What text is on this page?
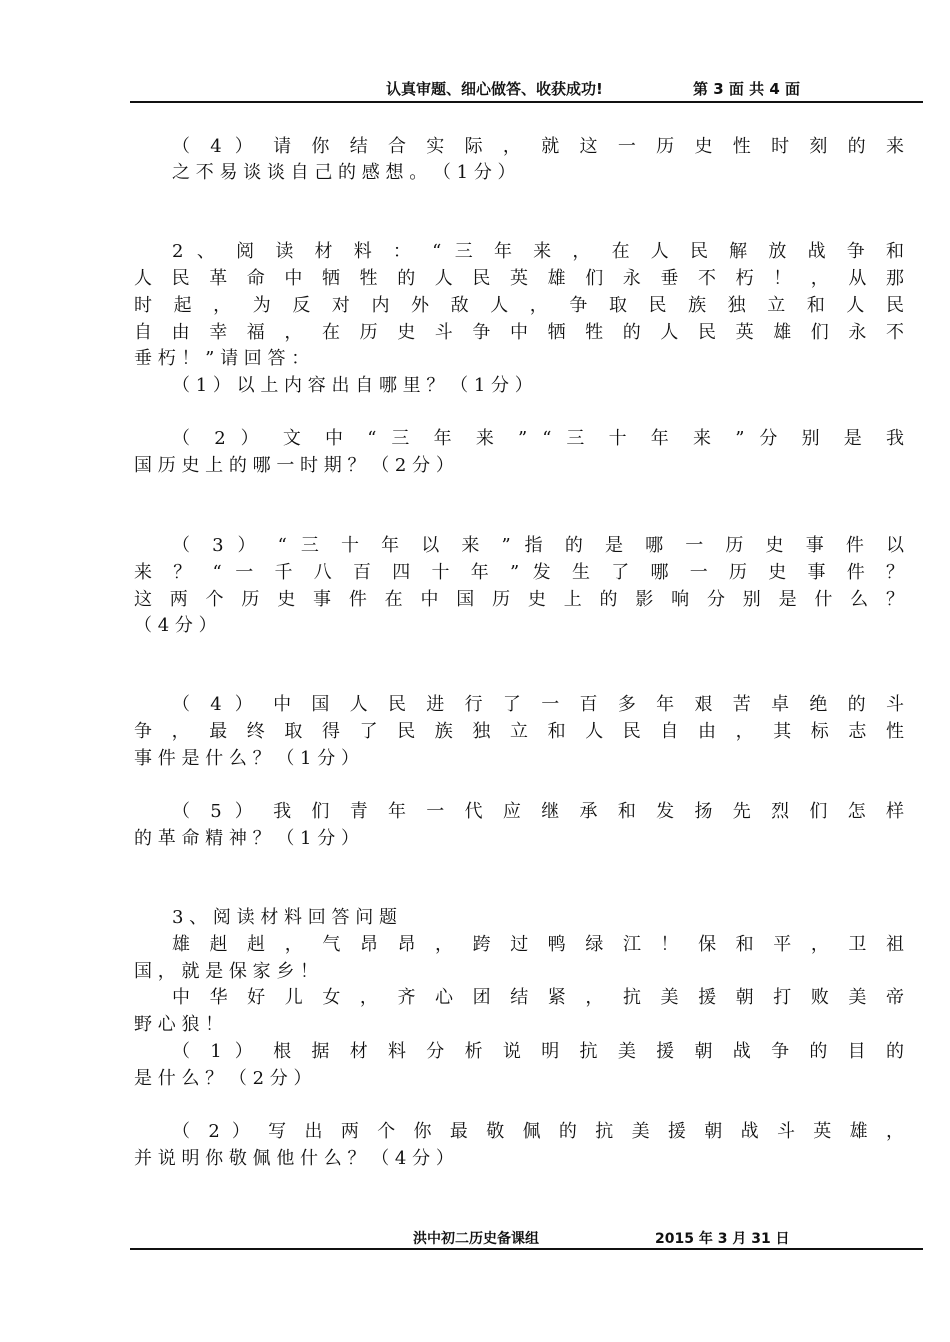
认真审题、细心做答、收获成功!	第 3 面 共 4 面
（ 4 ） 请 你 结 合 实 际 ， 就 这 一 历 史 性 时 刻 的 来
之 不 易 谈 谈 自 己 的 感 想 。 （ 1 分 ）
2 、 阅 读 材 料 ： “ 三 年 来 ， 在 人 民 解 放 战 争 和
人 民 革 命 中 牺 牲 的 人 民 英 雄 们 永 垂 不 朽 ！ ， 从 那
时 起 ， 为 反 对 内 外 敌 人 ， 争 取 民 族 独 立 和 人 民
自 由 幸 福 ， 在 历 史 斗 争 中 牺 牲 的 人 民 英 雄 们 永 不
垂 朽 ！ ” 请 回 答 ：
（ 1 ） 以 上 内 容 出 自 哪 里 ？ （ 1 分 ）
（ 2 ） 文 中 “ 三 年 来 ” “ 三 十 年 来 ” 分 别 是 我
国 历 史 上 的 哪 一 时 期 ？ （ 2 分 ）
（ 3 ） “ 三 十 年 以 来 ” 指 的 是 哪 一 历 史 事 件 以
来 ？ “ 一 千 八 百 四 十 年 ” 发 生 了 哪 一 历 史 事 件 ？
这 两 个 历 史 事 件 在 中 国 历 史 上 的 影 响 分 别 是 什 么 ？
（ 4 分 ）
（ 4 ） 中 国 人 民 进 行 了 一 百 多 年 艰 苦 卓 绝 的 斗
争 ， 最 终 取 得 了 民 族 独 立 和 人 民 自 由 ， 其 标 志 性
事 件 是 什 么 ？ （ 1 分 ）
（ 5 ） 我 们 青 年 一 代 应 继 承 和 发 扬 先 烈 们 怎 样
的 革 命 精 神 ？ （ 1 分 ）
3 、 阅 读 材 料 回 答 问 题
雄 赳 赳 ， 气 昂 昂 ， 跨 过 鸭 绿 江 ！ 保 和 平 ， 卫 祖
国 ， 就 是 保 家 乡 ！
中 华 好 儿 女 ， 齐 心 团 结 紧 ， 抗 美 援 朝 打 败 美 帝
野 心 狼 ！
（ 1 ） 根 据 材 料 分 析 说 明 抗 美 援 朝 战 争 的 目 的
是 什 么 ？ （ 2 分 ）
（ 2 ） 写 出 两 个 你 最 敬 佩 的 抗 美 援 朝 战 斗 英 雄 ，
并 说 明 你 敬 佩 他 什 么 ？ （ 4 分 ）
洪中初二历史备课组	2015 年 3 月 31 日
